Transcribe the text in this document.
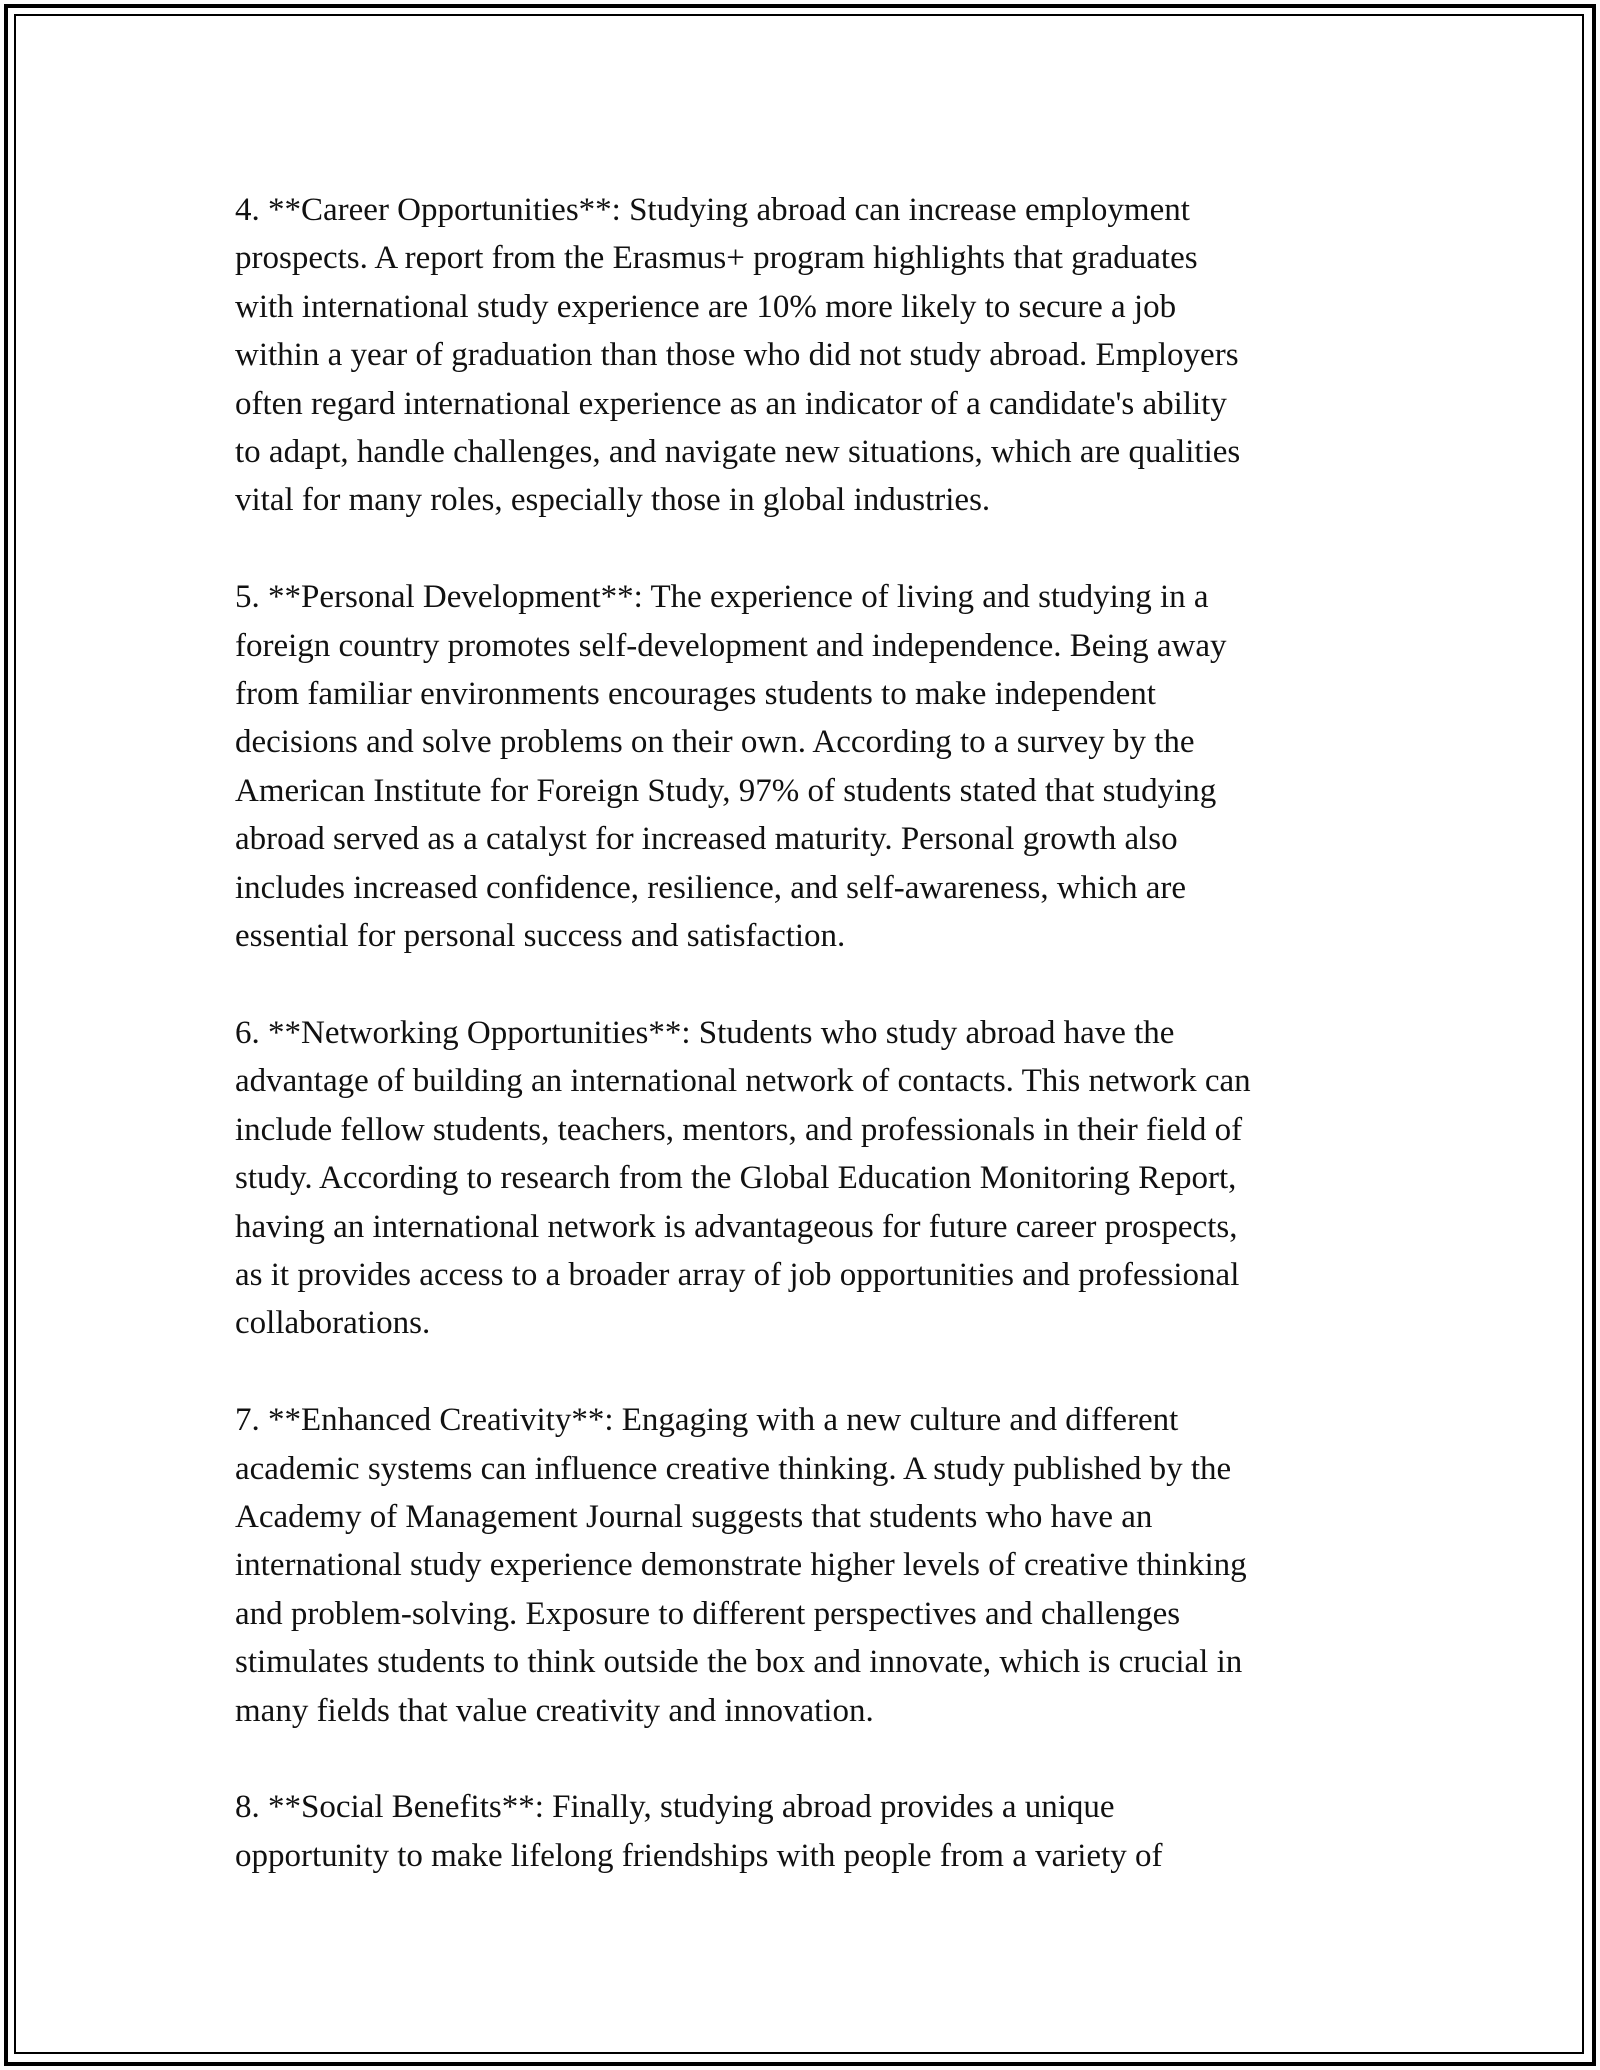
4. **Career Opportunities**: Studying abroad can increase employment
prospects. A report from the Erasmus+ program highlights that graduates
with international study experience are 10% more likely to secure a job
within a year of graduation than those who did not study abroad. Employers
often regard international experience as an indicator of a candidate's ability
to adapt, handle challenges, and navigate new situations, which are qualities
vital for many roles, especially those in global industries.

5. **Personal Development**: The experience of living and studying in a
foreign country promotes self-development and independence. Being away
from familiar environments encourages students to make independent
decisions and solve problems on their own. According to a survey by the
American Institute for Foreign Study, 97% of students stated that studying
abroad served as a catalyst for increased maturity. Personal growth also
includes increased confidence, resilience, and self-awareness, which are
essential for personal success and satisfaction.

6. **Networking Opportunities**: Students who study abroad have the
advantage of building an international network of contacts. This network can
include fellow students, teachers, mentors, and professionals in their field of
study. According to research from the Global Education Monitoring Report,
having an international network is advantageous for future career prospects,
as it provides access to a broader array of job opportunities and professional
collaborations.

7. **Enhanced Creativity**: Engaging with a new culture and different
academic systems can influence creative thinking. A study published by the
Academy of Management Journal suggests that students who have an
international study experience demonstrate higher levels of creative thinking
and problem-solving. Exposure to different perspectives and challenges
stimulates students to think outside the box and innovate, which is crucial in
many fields that value creativity and innovation.

8. **Social Benefits**: Finally, studying abroad provides a unique
opportunity to make lifelong friendships with people from a variety of
